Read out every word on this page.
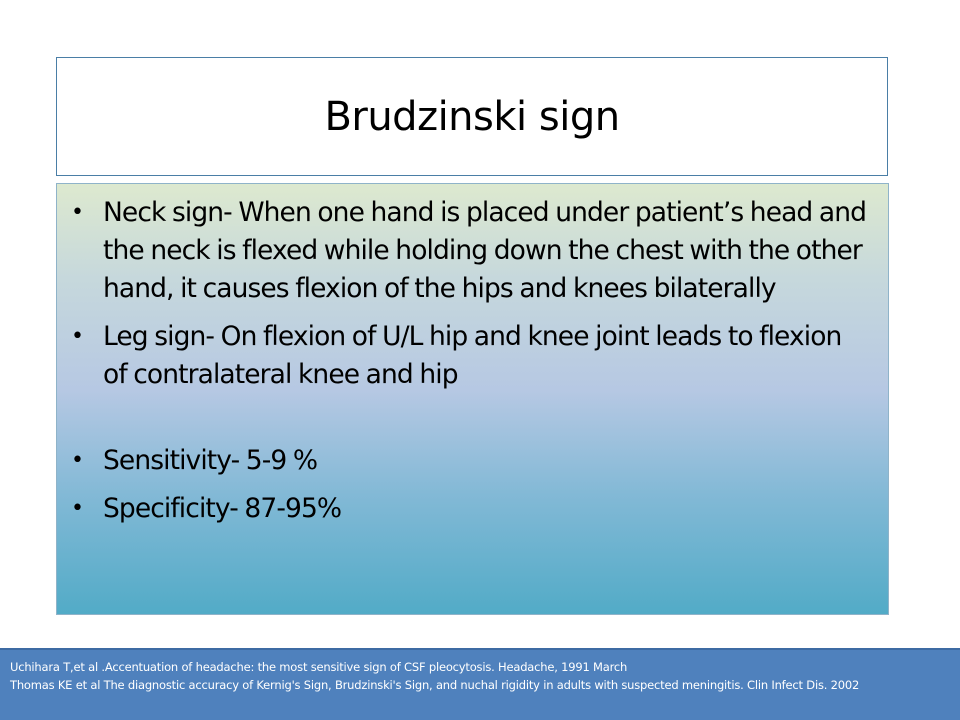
Brudzinski sign
• Neck sign- When one hand is placed under patient’s head and the neck is flexed while holding down the chest with the other hand, it causes flexion of the hips and knees bilaterally
• Leg sign- On flexion of U/L hip and knee joint leads to flexion of contralateral knee and hip
• Sensitivity- 5-9 %
• Specificity- 87-95%
Uchihara T,et al .Accentuation of headache: the most sensitive sign of CSF pleocytosis. Headache, 1991 March
Thomas KE et al The diagnostic accuracy of Kernig's Sign, Brudzinski's Sign, and nuchal rigidity in adults with suspected meningitis. Clin Infect Dis. 2002
